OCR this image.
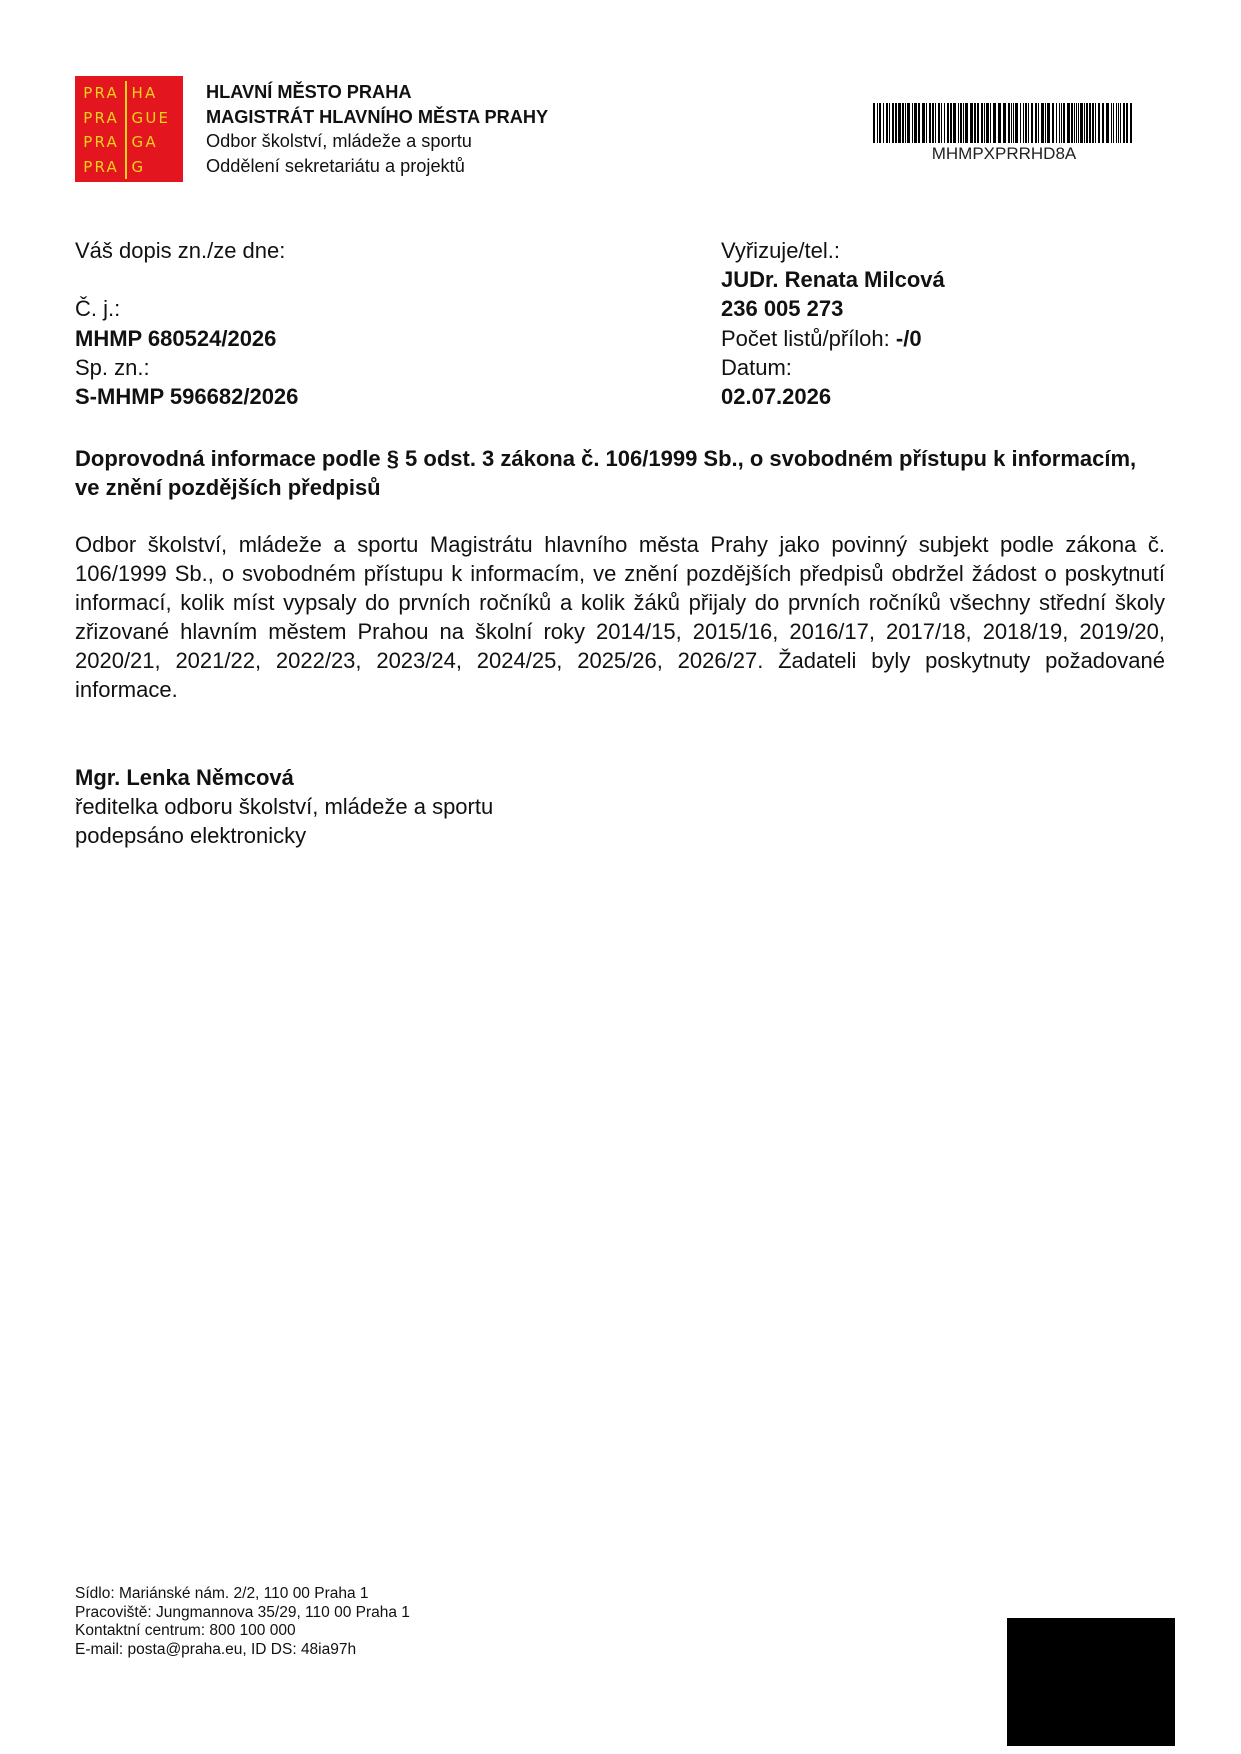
PRA HA
PRA GUE
PRA GA
PRA G
HLAVNÍ MĚSTO PRAHA
MAGISTRÁT HLAVNÍHO MĚSTA PRAHY
Odbor školství, mládeže a sportu
Oddělení sekretariátu a projektů
MHMPXPRRHD8A
Váš dopis zn./ze dne:
Č. j.:
MHMP 680524/2026
Sp. zn.:
S-MHMP 596682/2026
Vyřizuje/tel.:
JUDr. Renata Milcová
236 005 273
Počet listů/příloh: -/0
Datum:
02.07.2026
Doprovodná informace podle § 5 odst. 3 zákona č. 106/1999 Sb., o svobodném přístupu k informacím, ve znění pozdějších předpisů
Odbor školství, mládeže a sportu Magistrátu hlavního města Prahy jako povinný subjekt podle zákona č. 106/1999 Sb., o svobodném přístupu k informacím, ve znění pozdějších předpisů obdržel žádost o poskytnutí informací, kolik míst vypsaly do prvních ročníků a kolik žáků přijaly do prvních ročníků všechny střední školy zřizované hlavním městem Prahou na školní roky 2014/15, 2015/16, 2016/17, 2017/18, 2018/19, 2019/20, 2020/21, 2021/22, 2022/23, 2023/24, 2024/25, 2025/26, 2026/27. Žadateli byly poskytnuty požadované informace.
Mgr. Lenka Němcová
ředitelka odboru školství, mládeže a sportu
podepsáno elektronicky
Sídlo: Mariánské nám. 2/2, 110 00 Praha 1
Pracoviště: Jungmannova 35/29, 110 00 Praha 1
Kontaktní centrum: 800 100 000
E-mail: posta@praha.eu, ID DS: 48ia97h
